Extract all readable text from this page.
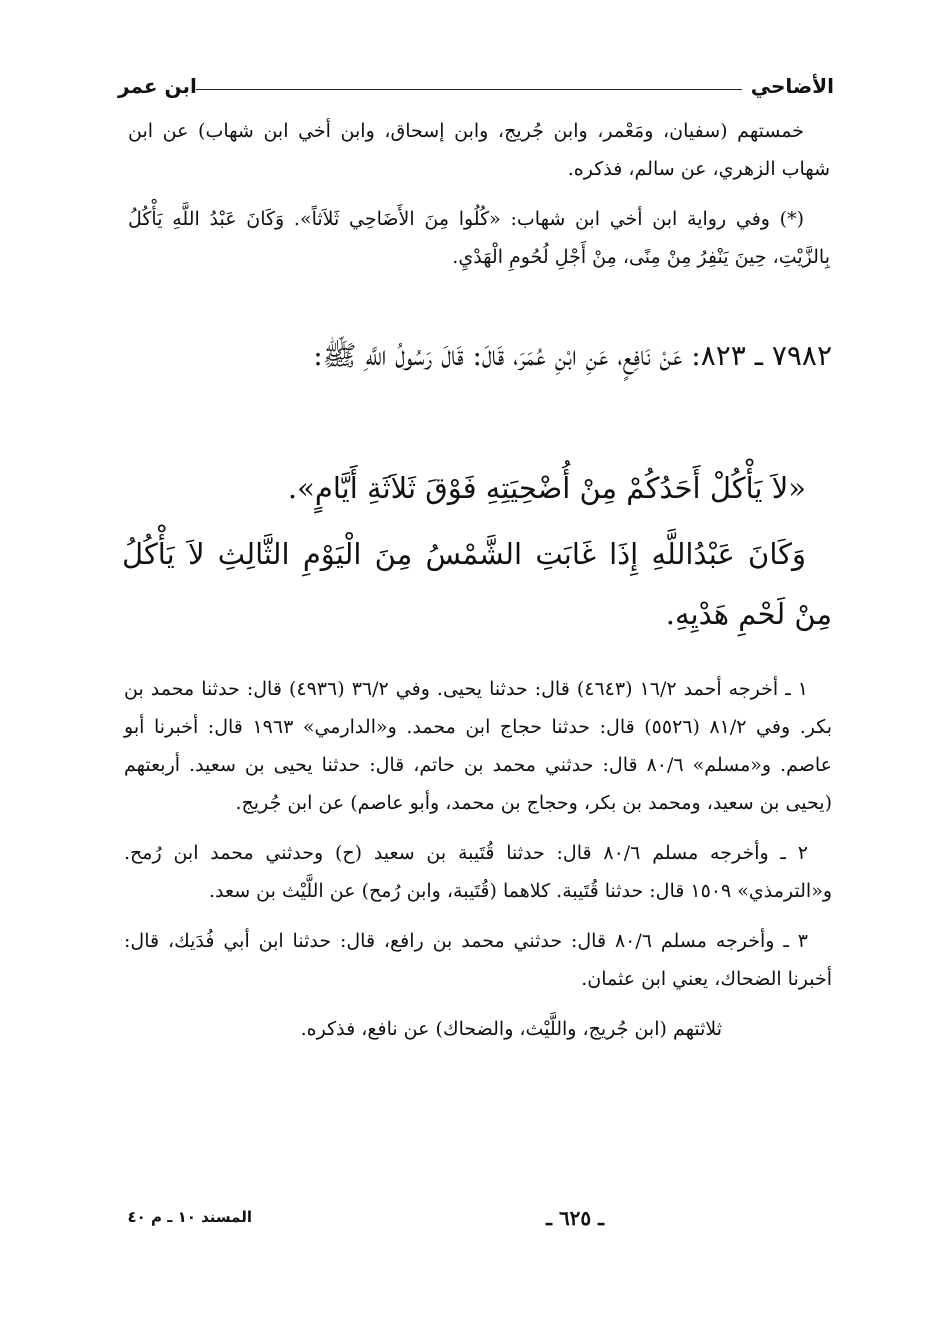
الأضاحي
ابن عمر

خمستهم (سفيان، ومَعْمر، وابن جُريج، وابن إسحاق، وابن أخي ابن شهاب) عن ابن شهاب الزهري، عن سالم، فذكره.

(*) وفي رواية ابن أخي ابن شهاب: «كُلُوا مِنَ الأَضَاحِي ثَلاَثاً». وَكَانَ عَبْدُ اللَّهِ يَأْكُلُ بِالزَّيْتِ، حِينَ يَنْفِرُ مِنْ مِنًى، مِنْ أَجْلِ لُحُومِ الْهَدْيِ.

٧٩٨٢ ـ ٨٢٣: عَنْ نَافِعٍ، عَنِ ابْنِ عُمَرَ، قَالَ: قَالَ رَسُولُ اللَّهِ ﷺ:

«لاَ يَأْكُلْ أَحَدُكُمْ مِنْ أُضْحِيَتِهِ فَوْقَ ثَلاَثَةِ أَيَّامٍ».

وَكَانَ عَبْدُاللَّهِ إِذَا غَابَتِ الشَّمْسُ مِنَ الْيَوْمِ الثَّالِثِ لاَ يَأْكُلُ مِنْ لَحْمِ هَدْيِهِ.

١ ـ أخرجه أحمد ١٦/٢ (٤٦٤٣) قال: حدثنا يحيى. وفي ٣٦/٢ (٤٩٣٦) قال: حدثنا محمد بن بكر. وفي ٨١/٢ (٥٥٢٦) قال: حدثنا حجاج ابن محمد. و«الدارمي» ١٩٦٣ قال: أخبرنا أبو عاصم. و«مسلم» ٨٠/٦ قال: حدثني محمد بن حاتم، قال: حدثنا يحيى بن سعيد. أربعتهم (يحيى بن سعيد، ومحمد بن بكر، وحجاج بن محمد، وأبو عاصم) عن ابن جُريج.

٢ ـ وأخرجه مسلم ٨٠/٦ قال: حدثنا قُتَيبة بن سعيد (ح) وحدثني محمد ابن رُمح. و«الترمذي» ١٥٠٩ قال: حدثنا قُتَيبة. كلاهما (قُتَيبة، وابن رُمح) عن اللَّيْث بن سعد.

٣ ـ وأخرجه مسلم ٨٠/٦ قال: حدثني محمد بن رافع، قال: حدثنا ابن أبي فُدَيك، قال: أخبرنا الضحاك، يعني ابن عثمان.

ثلاثتهم (ابن جُريج، واللَّيْث، والضحاك) عن نافع، فذكره.

ـ ٦٢٥ ـ
المسند ١٠ ـ م ٤٠
